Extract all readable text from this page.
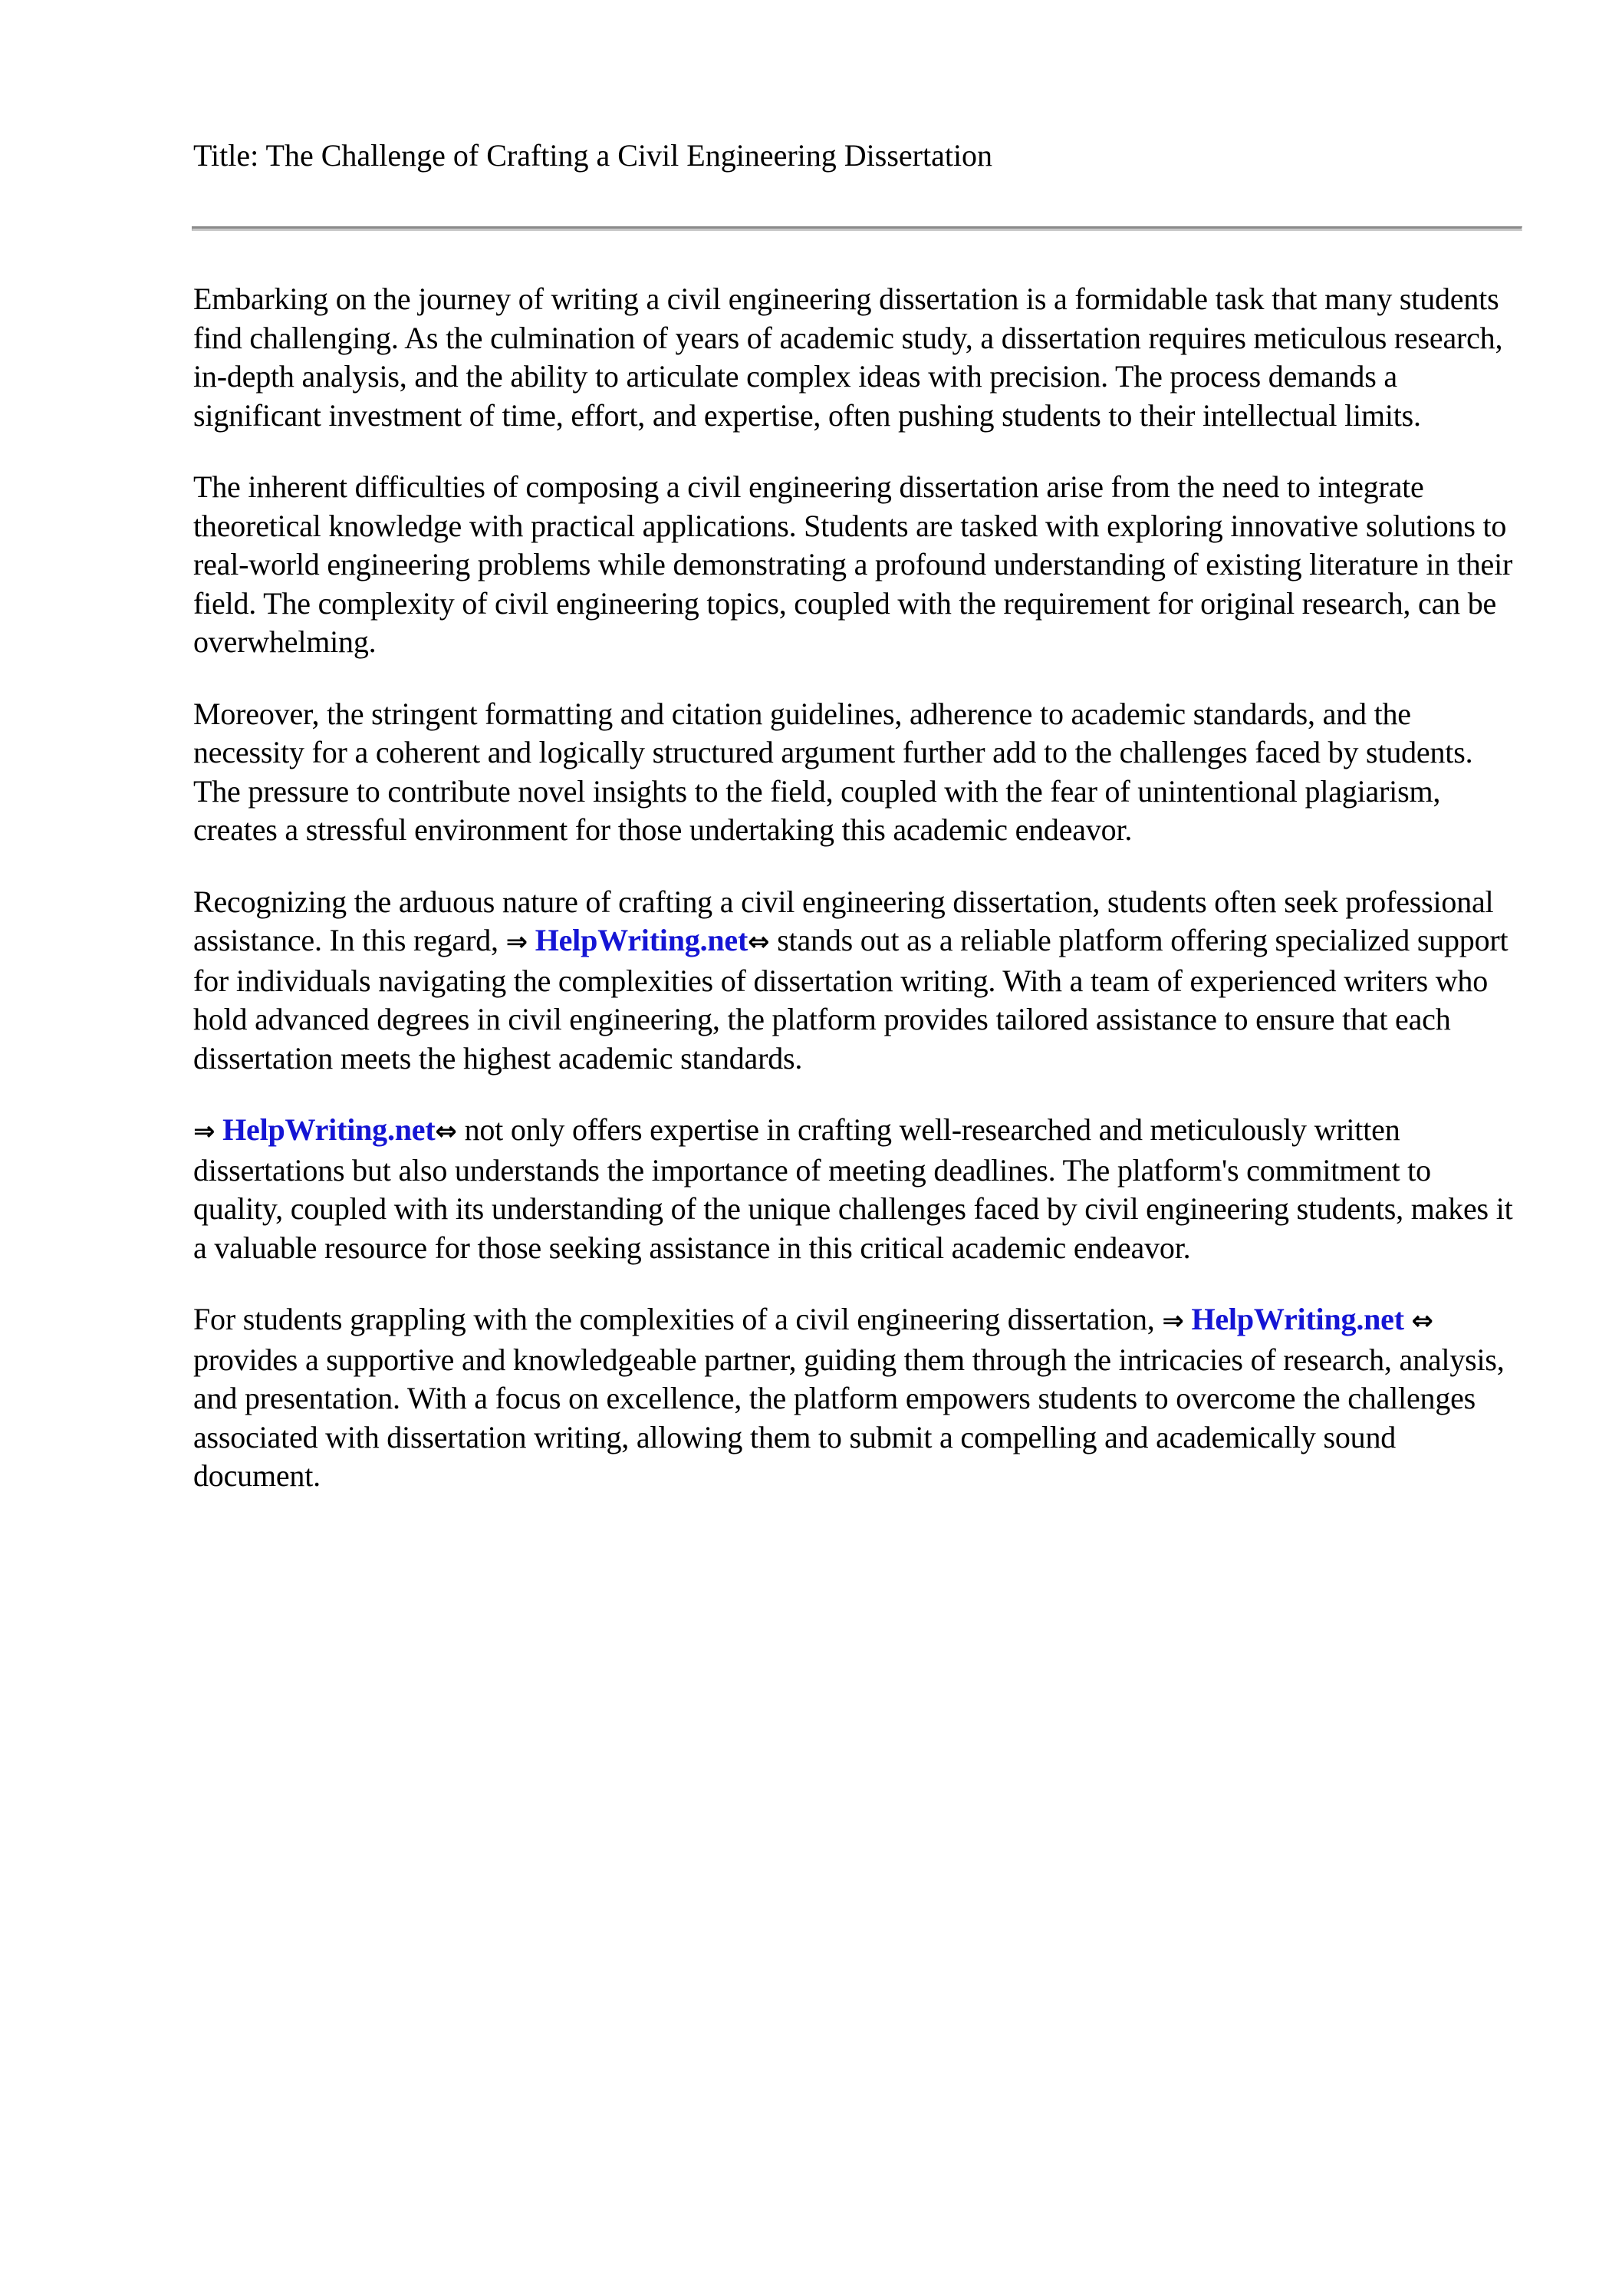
Title: The Challenge of Crafting a Civil Engineering Dissertation

Embarking on the journey of writing a civil engineering dissertation is a formidable task that many students find challenging. As the culmination of years of academic study, a dissertation requires meticulous research, in-depth analysis, and the ability to articulate complex ideas with precision. The process demands a significant investment of time, effort, and expertise, often pushing students to their intellectual limits.

The inherent difficulties of composing a civil engineering dissertation arise from the need to integrate theoretical knowledge with practical applications. Students are tasked with exploring innovative solutions to real-world engineering problems while demonstrating a profound understanding of existing literature in their field. The complexity of civil engineering topics, coupled with the requirement for original research, can be overwhelming.

Moreover, the stringent formatting and citation guidelines, adherence to academic standards, and the necessity for a coherent and logically structured argument further add to the challenges faced by students. The pressure to contribute novel insights to the field, coupled with the fear of unintentional plagiarism, creates a stressful environment for those undertaking this academic endeavor.

Recognizing the arduous nature of crafting a civil engineering dissertation, students often seek professional assistance. In this regard, ⇒ HelpWriting.net⇔ stands out as a reliable platform offering specialized support for individuals navigating the complexities of dissertation writing. With a team of experienced writers who hold advanced degrees in civil engineering, the platform provides tailored assistance to ensure that each dissertation meets the highest academic standards.

⇒ HelpWriting.net⇔ not only offers expertise in crafting well-researched and meticulously written dissertations but also understands the importance of meeting deadlines. The platform's commitment to quality, coupled with its understanding of the unique challenges faced by civil engineering students, makes it a valuable resource for those seeking assistance in this critical academic endeavor.

For students grappling with the complexities of a civil engineering dissertation, ⇒ HelpWriting.net ⇔ provides a supportive and knowledgeable partner, guiding them through the intricacies of research, analysis, and presentation. With a focus on excellence, the platform empowers students to overcome the challenges associated with dissertation writing, allowing them to submit a compelling and academically sound document.
